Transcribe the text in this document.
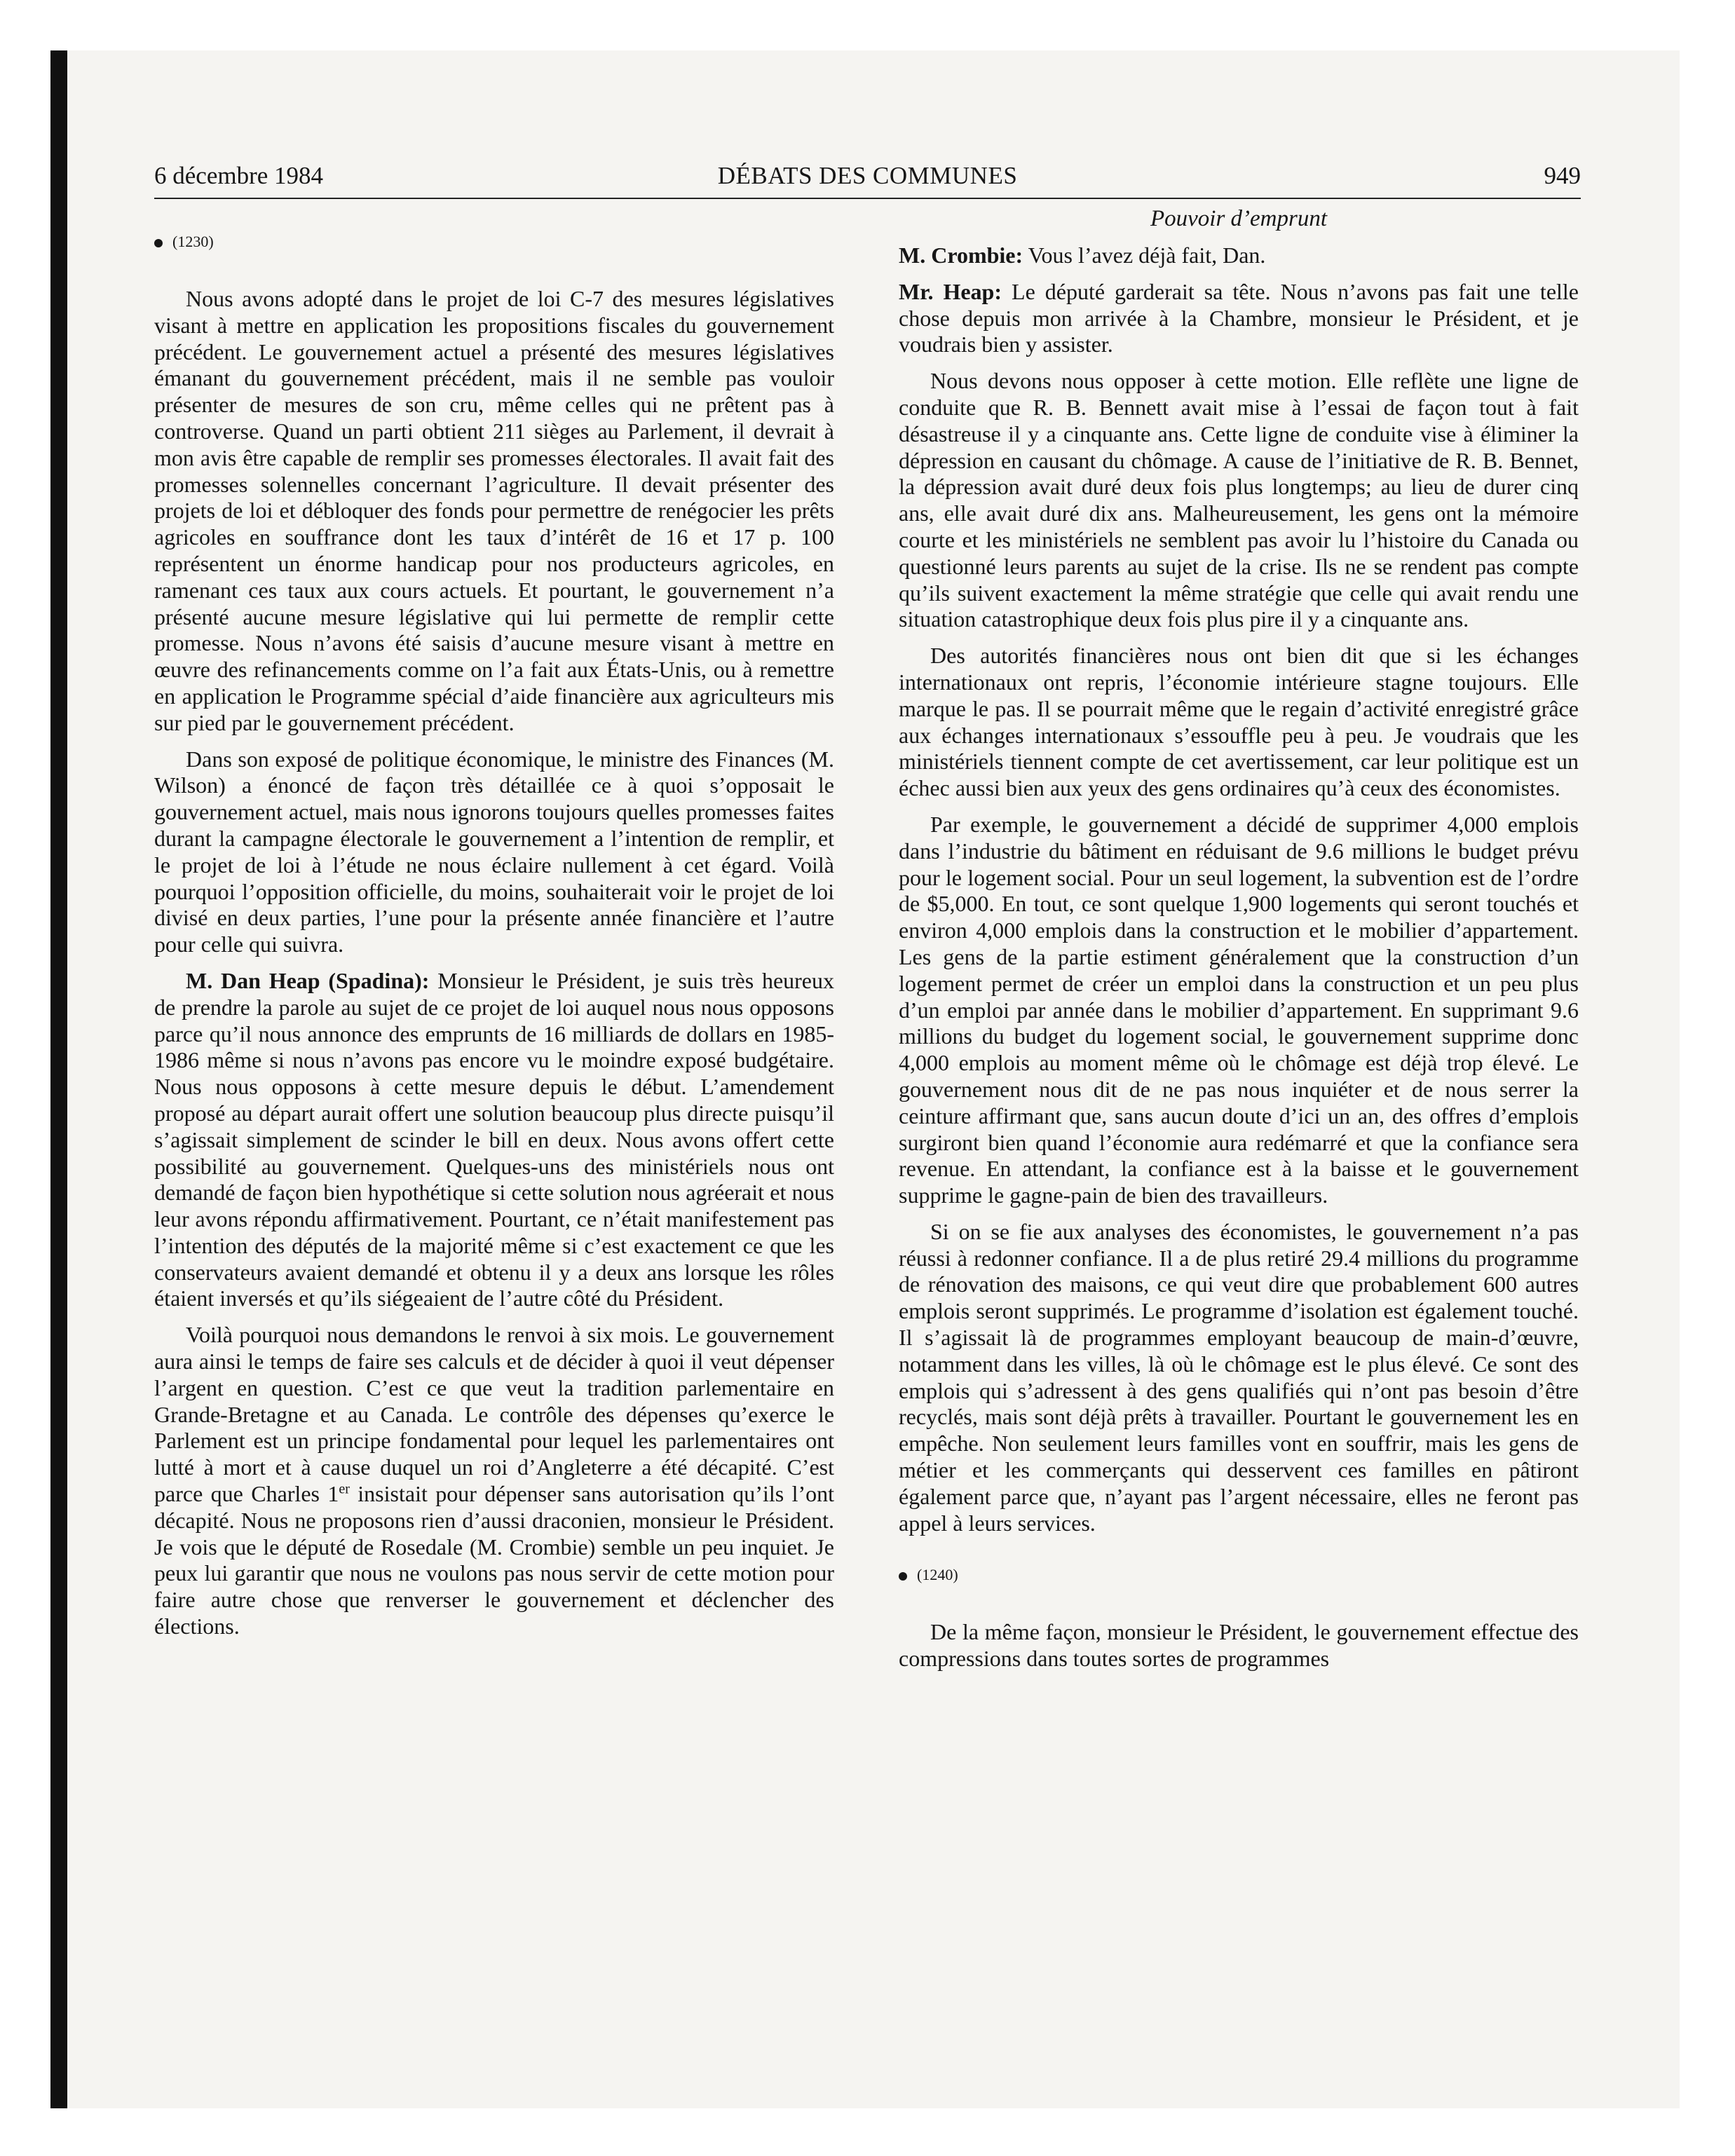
6 décembre 1984	DÉBATS DES COMMUNES	949
(1230)

Nous avons adopté dans le projet de loi C-7 des mesures législatives visant à mettre en application les propositions fiscales du gouvernement précédent. Le gouvernement actuel a présenté des mesures législatives émanant du gouvernement précédent, mais il ne semble pas vouloir présenter de mesures de son cru, même celles qui ne prêtent pas à controverse. Quand un parti obtient 211 sièges au Parlement, il devrait à mon avis être capable de remplir ses promesses électorales. Il avait fait des promesses solennelles concernant l’agriculture. Il devait présenter des projets de loi et débloquer des fonds pour permettre de renégocier les prêts agricoles en souffrance dont les taux d’intérêt de 16 et 17 p. 100 représentent un énorme handicap pour nos producteurs agricoles, en ramenant ces taux aux cours actuels. Et pourtant, le gouvernement n’a présenté aucune mesure législative qui lui permette de remplir cette promesse. Nous n’avons été saisis d’aucune mesure visant à mettre en œuvre des refinancements comme on l’a fait aux États-Unis, ou à remettre en application le Programme spécial d’aide financière aux agriculteurs mis sur pied par le gouvernement précédent.

Dans son exposé de politique économique, le ministre des Finances (M. Wilson) a énoncé de façon très détaillée ce à quoi s’opposait le gouvernement actuel, mais nous ignorons toujours quelles promesses faites durant la campagne électorale le gouvernement a l’intention de remplir, et le projet de loi à l’étude ne nous éclaire nullement à cet égard. Voilà pourquoi l’opposition officielle, du moins, souhaiterait voir le projet de loi divisé en deux parties, l’une pour la présente année financière et l’autre pour celle qui suivra.

M. Dan Heap (Spadina): Monsieur le Président, je suis très heureux de prendre la parole au sujet de ce projet de loi auquel nous nous opposons parce qu’il nous annonce des emprunts de 16 milliards de dollars en 1985-1986 même si nous n’avons pas encore vu le moindre exposé budgétaire. Nous nous opposons à cette mesure depuis le début. L’amendement proposé au départ aurait offert une solution beaucoup plus directe puisqu’il s’agissait simplement de scinder le bill en deux. Nous avons offert cette possibilité au gouvernement. Quelques-uns des ministériels nous ont demandé de façon bien hypothétique si cette solution nous agréerait et nous leur avons répondu affirmativement. Pourtant, ce n’était manifestement pas l’intention des députés de la majorité même si c’est exactement ce que les conservateurs avaient demandé et obtenu il y a deux ans lorsque les rôles étaient inversés et qu’ils siégeaient de l’autre côté du Président.

Voilà pourquoi nous demandons le renvoi à six mois. Le gouvernement aura ainsi le temps de faire ses calculs et de décider à quoi il veut dépenser l’argent en question. C’est ce que veut la tradition parlementaire en Grande-Bretagne et au Canada. Le contrôle des dépenses qu’exerce le Parlement est un principe fondamental pour lequel les parlementaires ont lutté à mort et à cause duquel un roi d’Angleterre a été décapité. C’est parce que Charles 1er insistait pour dépenser sans autorisation qu’ils l’ont décapité. Nous ne proposons rien d’aussi draconien, monsieur le Président. Je vois que le député de Rosedale (M. Crombie) semble un peu inquiet. Je peux lui garantir que nous ne voulons pas nous servir de cette motion pour faire autre chose que renverser le gouvernement et déclencher des élections.

Pouvoir d’emprunt

M. Crombie: Vous l’avez déjà fait, Dan.

Mr. Heap: Le député garderait sa tête. Nous n’avons pas fait une telle chose depuis mon arrivée à la Chambre, monsieur le Président, et je voudrais bien y assister.

Nous devons nous opposer à cette motion. Elle reflète une ligne de conduite que R. B. Bennett avait mise à l’essai de façon tout à fait désastreuse il y a cinquante ans. Cette ligne de conduite vise à éliminer la dépression en causant du chômage. A cause de l’initiative de R. B. Bennet, la dépression avait duré deux fois plus longtemps; au lieu de durer cinq ans, elle avait duré dix ans. Malheureusement, les gens ont la mémoire courte et les ministériels ne semblent pas avoir lu l’histoire du Canada ou questionné leurs parents au sujet de la crise. Ils ne se rendent pas compte qu’ils suivent exactement la même stratégie que celle qui avait rendu une situation catastrophique deux fois plus pire il y a cinquante ans.

Des autorités financières nous ont bien dit que si les échanges internationaux ont repris, l’économie intérieure stagne toujours. Elle marque le pas. Il se pourrait même que le regain d’activité enregistré grâce aux échanges internationaux s’essouffle peu à peu. Je voudrais que les ministériels tiennent compte de cet avertissement, car leur politique est un échec aussi bien aux yeux des gens ordinaires qu’à ceux des économistes.

Par exemple, le gouvernement a décidé de supprimer 4,000 emplois dans l’industrie du bâtiment en réduisant de 9.6 millions le budget prévu pour le logement social. Pour un seul logement, la subvention est de l’ordre de $5,000. En tout, ce sont quelque 1,900 logements qui seront touchés et environ 4,000 emplois dans la construction et le mobilier d’appartement. Les gens de la partie estiment généralement que la construction d’un logement permet de créer un emploi dans la construction et un peu plus d’un emploi par année dans le mobilier d’appartement. En supprimant 9.6 millions du budget du logement social, le gouvernement supprime donc 4,000 emplois au moment même où le chômage est déjà trop élevé. Le gouvernement nous dit de ne pas nous inquiéter et de nous serrer la ceinture affirmant que, sans aucun doute d’ici un an, des offres d’emplois surgiront bien quand l’économie aura redémarré et que la confiance sera revenue. En attendant, la confiance est à la baisse et le gouvernement supprime le gagne-pain de bien des travailleurs.

Si on se fie aux analyses des économistes, le gouvernement n’a pas réussi à redonner confiance. Il a de plus retiré 29.4 millions du programme de rénovation des maisons, ce qui veut dire que probablement 600 autres emplois seront supprimés. Le programme d’isolation est également touché. Il s’agissait là de programmes employant beaucoup de main-d’œuvre, notamment dans les villes, là où le chômage est le plus élevé. Ce sont des emplois qui s’adressent à des gens qualifiés qui n’ont pas besoin d’être recyclés, mais sont déjà prêts à travailler. Pourtant le gouvernement les en empêche. Non seulement leurs familles vont en souffrir, mais les gens de métier et les commerçants qui desservent ces familles en pâtiront également parce que, n’ayant pas l’argent nécessaire, elles ne feront pas appel à leurs services.

(1240)

De la même façon, monsieur le Président, le gouvernement effectue des compressions dans toutes sortes de programmes
